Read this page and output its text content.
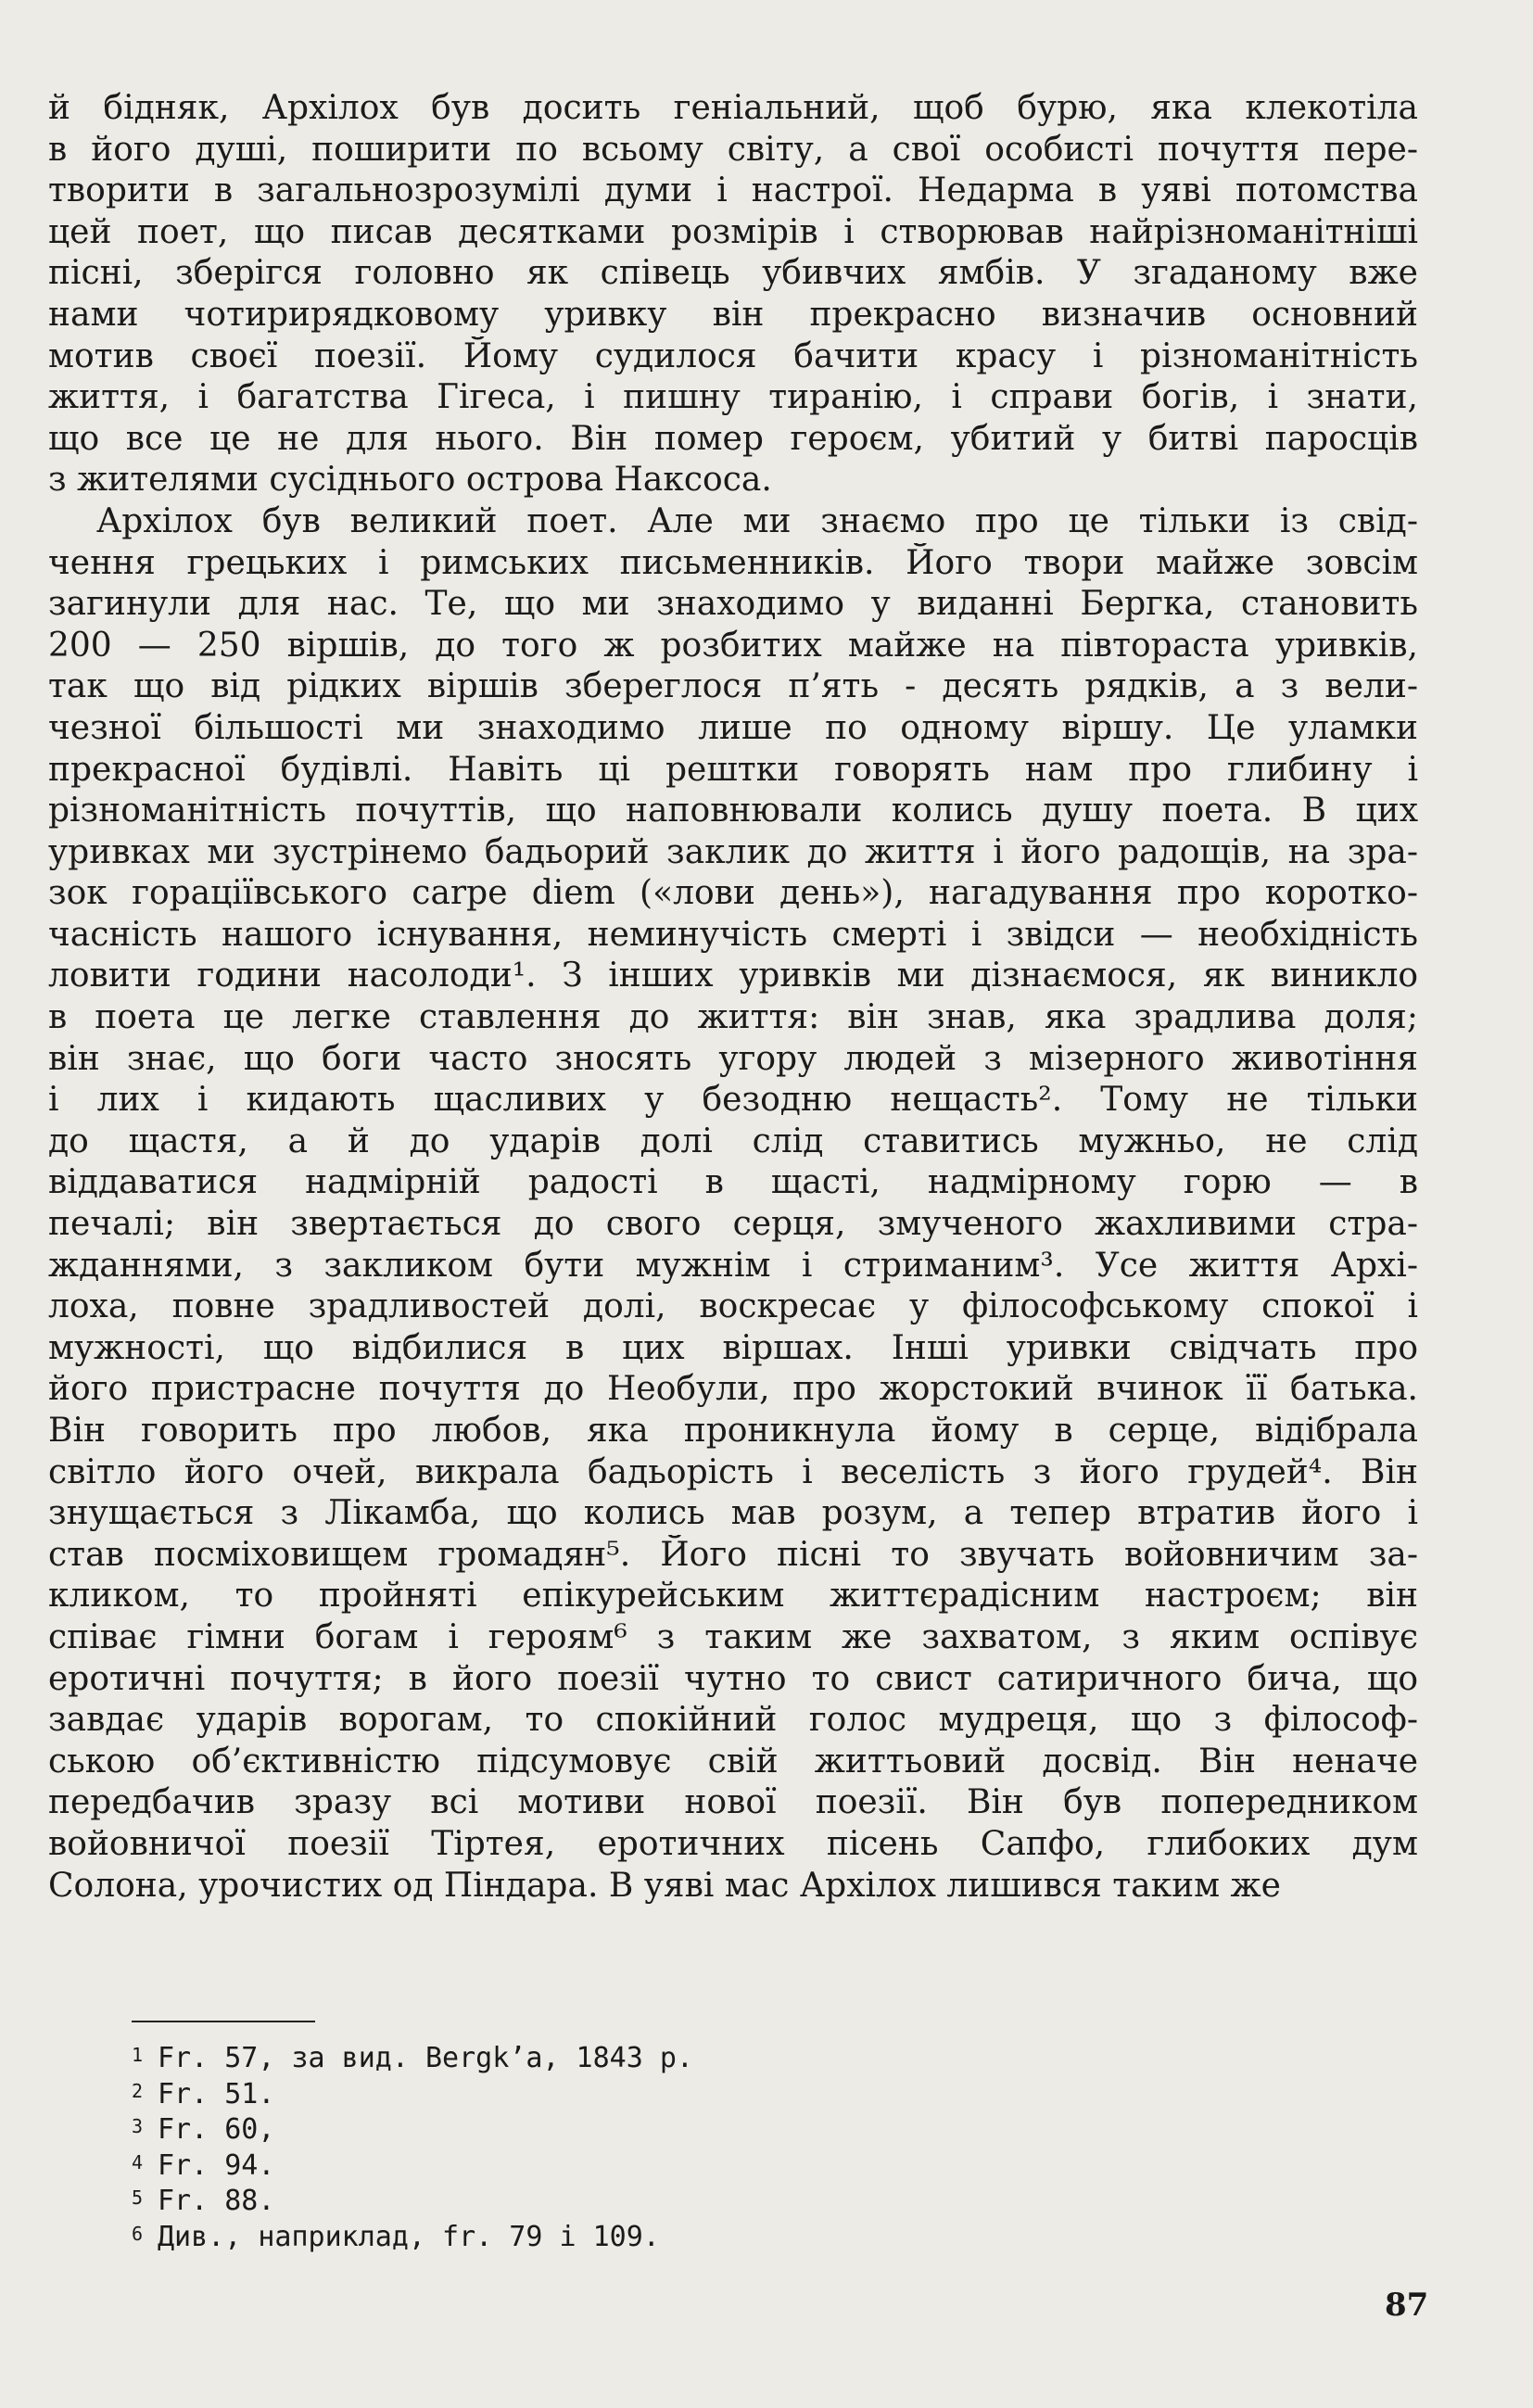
й бідняк, Архілох був досить геніальний, щоб бурю, яка клекотіла
в його душі, поширити по всьому світу, а свої особисті почуття пере-
творити в загальнозрозумілі думи і настрої. Недарма в уяві потомства
цей поет, що писав десятками розмірів і створював найрізноманітніші
пісні, зберігся головно як співець убивчих ямбів. У згаданому вже
нами чотирирядковому уривку він прекрасно визначив основний
мотив своєї поезії. Йому судилося бачити красу і різноманітність
життя, і багатства Гігеса, і пишну тиранію, і справи богів, і знати,
що все це не для нього. Він помер героєм, убитий у битві пароcців
з жителями сусіднього острова Наксоса.
Архілох був великий поет. Але ми знаємо про це тільки із свід-
чення грецьких і римських письменників. Його твори майже зовсім
загинули для нас. Те, що ми знаходимо у виданні Бергка, становить
200 — 250 віршів, до того ж розбитих майже на півтораста уривків,
так що від рідких віршів збереглося п’ять - десять рядків, а з вели-
чезної більшості ми знаходимо лише по одному віршу. Це уламки
прекрасної будівлі. Навіть ці рештки говорять нам про глибину і
різноманітність почуттів, що наповнювали колись душу поета. В цих
уривках ми зустрінемо бадьорий заклик до життя і його радощів, на зра-
зок горацiївського carpe diem («лови день»), нагадування про коротко-
часність нашого існування, неминучість смерті і звідси — необхідність
ловити години насолоди¹. З інших уривків ми дізнаємося, як виникло
в поета це легке ставлення до життя: він знав, яка зрадлива доля;
він знає, що боги часто зносять угору людей з мізерного животіння
і лих і кидають щасливих у безодню нещасть². Тому не тільки
до щастя, а й до ударів долі слід ставитись мужньо, не слід
віддаватися надмірній радості в щасті, надмірному горю — в
печалі; він звертається до свого серця, змученого жахливими стра-
жданнями, з закликом бути мужнім і стриманим³. Усе життя Архі-
лоха, повне зрадливостей долі, воскресає у філософському спокої і
мужності, що відбилися в цих віршах. Інші уривки свідчать про
його пристрасне почуття до Необули, про жорстокий вчинок її батька.
Він говорить про любов, яка проникнула йому в серце, відібрала
світло його очей, викрала бадьорість і веселість з його грудей⁴. Він
знущається з Лікамба, що колись мав розум, а тепер втратив його і
став посміховищем громадян⁵. Його пісні то звучать войовничим за-
кликом, то пройняті епікурейським життєрадісним настроєм; він
співає гімни богам і героям⁶ з таким же захватом, з яким оспівує
еротичні почуття; в його поезії чутно то свист сатиричного бича, що
завдає ударів ворогам, то спокійний голос мудреця, що з філософ-
ською об’єктивністю підсумовує свій життьовий досвід. Він неначе
передбачив зразу всі мотиви нової поезії. Він був попередником
войовничої поезії Тіртея, еротичних пісень Сапфо, глибоких дум
Солона, урочистих од Піндара. В уяві мас Архілох лишився таким же
1 Fr. 57, за вид. Bergk’a, 1843 р.
2 Fr. 51.
3 Fr. 60,
4 Fr. 94.
5 Fr. 88.
6 Див., наприклад, fr. 79 і 109.
87
